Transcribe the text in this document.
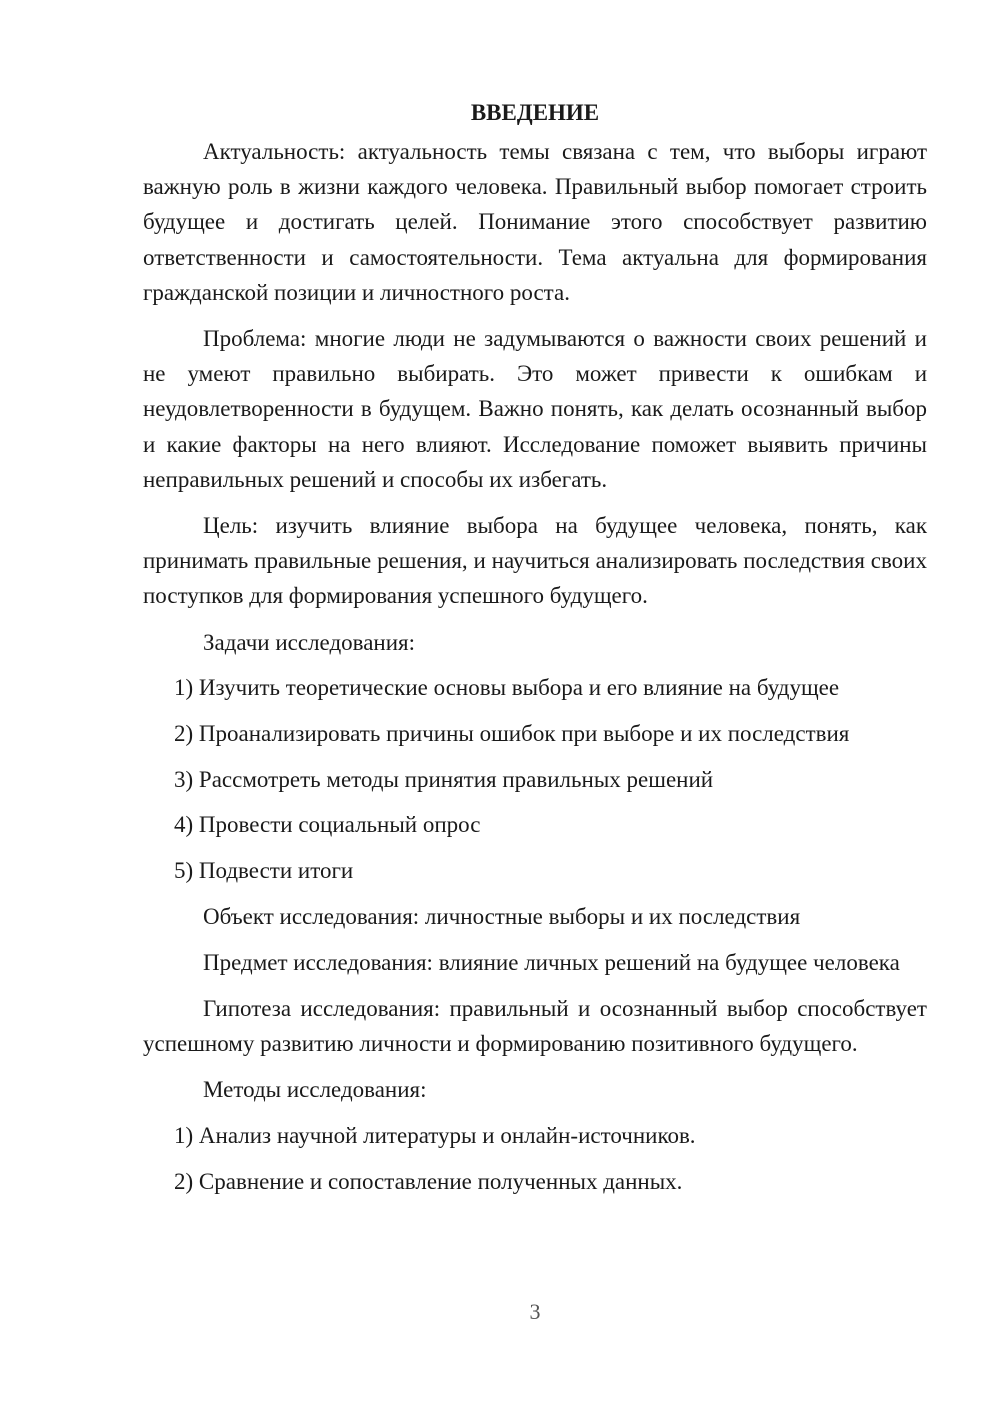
ВВЕДЕНИЕ

Актуальность: актуальность темы связана с тем, что выборы играют важную роль в жизни каждого человека. Правильный выбор помогает строить будущее и достигать целей. Понимание этого способствует развитию ответственности и самостоятельности. Тема актуальна для формирования гражданской позиции и личностного роста.

Проблема: многие люди не задумываются о важности своих решений и не умеют правильно выбирать. Это может привести к ошибкам и неудовлетворенности в будущем. Важно понять, как делать осознанный выбор и какие факторы на него влияют. Исследование поможет выявить причины неправильных решений и способы их избегать.

Цель: изучить влияние выбора на будущее человека, понять, как принимать правильные решения, и научиться анализировать последствия своих поступков для формирования успешного будущего.

Задачи исследования:

1) Изучить теоретические основы выбора и его влияние на будущее

2) Проанализировать причины ошибок при выборе и их последствия

3) Рассмотреть методы принятия правильных решений

4) Провести социальный опрос

5) Подвести итоги

Объект исследования: личностные выборы и их последствия

Предмет исследования: влияние личных решений на будущее человека

Гипотеза исследования: правильный и осознанный выбор способствует успешному развитию личности и формированию позитивного будущего.

Методы исследования:

1) Анализ научной литературы и онлайн-источников.

2) Сравнение и сопоставление полученных данных.

3
